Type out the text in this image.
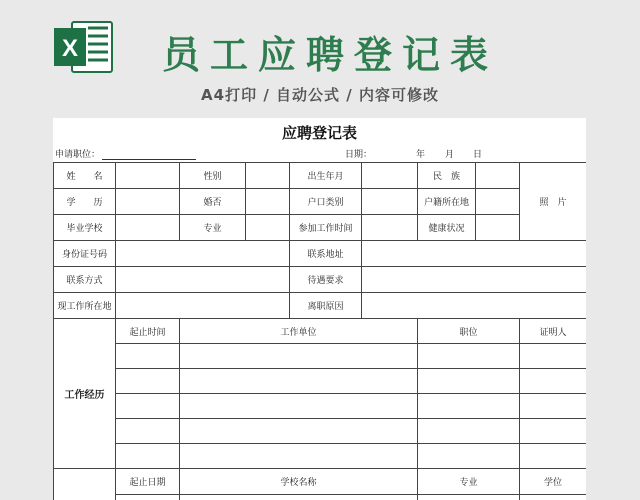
X 员工应聘登记表
A4打印 / 自动公式 / 内容可修改
应聘登记表
申请职位：	日期：	年 月 日
姓　　名		性别		出生年月		民　族		照　片
学　　历		婚否		户口类别		户籍所在地		
毕业学校		专业		参加工作时间		健康状况		
身份证号码				联系地址				
联系方式				待遇要求				
现工作所在地				离职原因				
工作经历	起止时间	工作单位				职位		证明人

	起止日期	学校名称				专业		学位
